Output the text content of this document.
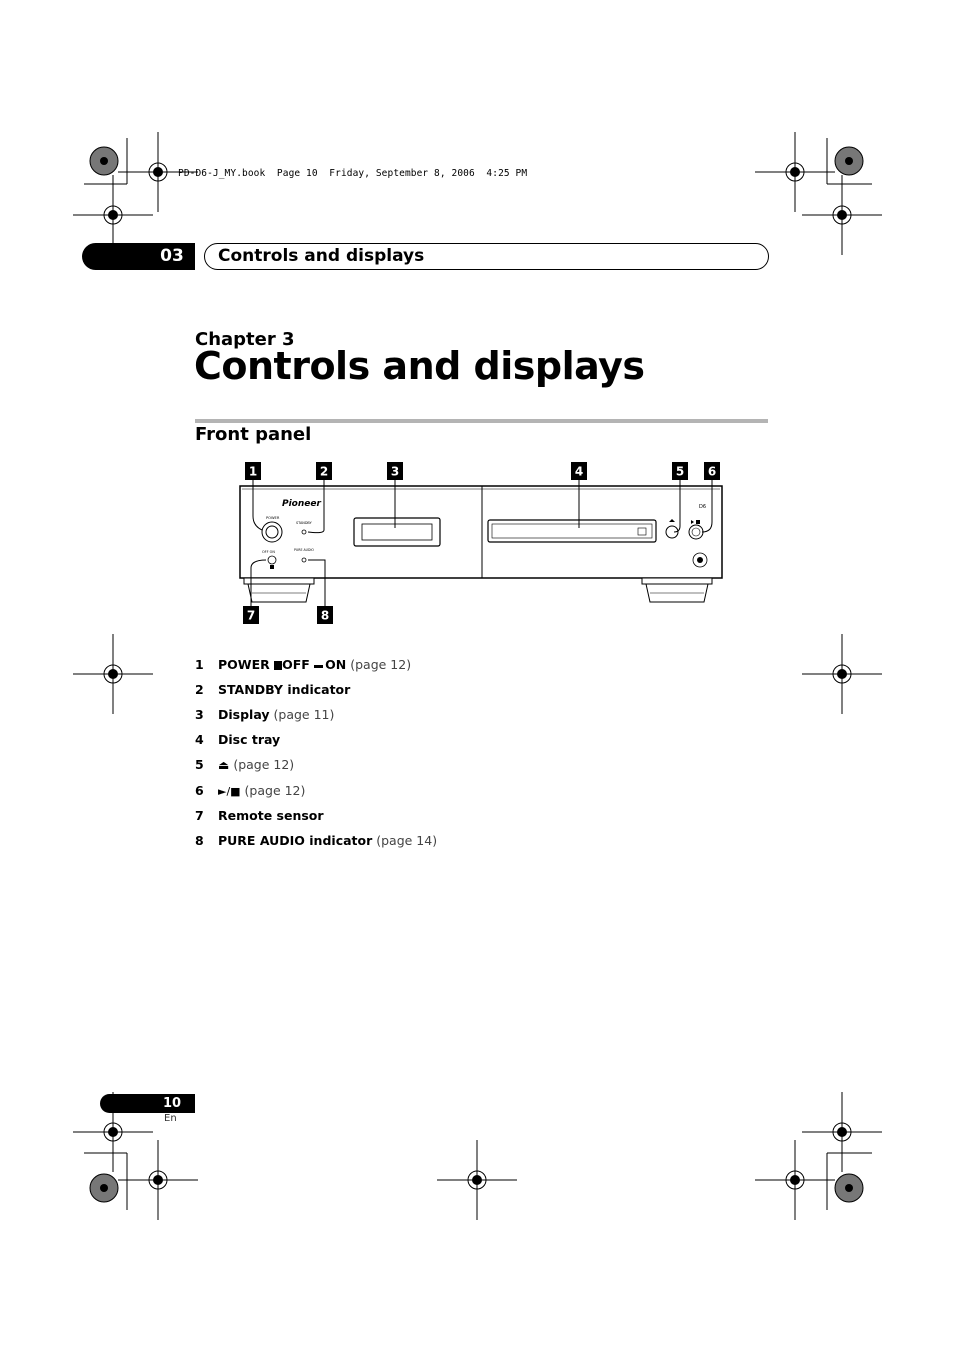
PD-D6-J_MY.book  Page 10  Friday, September 8, 2006  4:25 PM
03	Controls and displays
Chapter 3
Controls and displays
Front panel
Pioneer
POWER
OFF ON
STANDBY
PURE AUDIO
D6
1	2	3	4	5 6
7	8
1 POWER OFF ON (page 12)
2 STANDBY indicator
3 Display (page 11)
4 Disc tray
5 ⏏ (page 12)
6 ►/■ (page 12)
7 Remote sensor
8 PURE AUDIO indicator (page 14)
10
En
